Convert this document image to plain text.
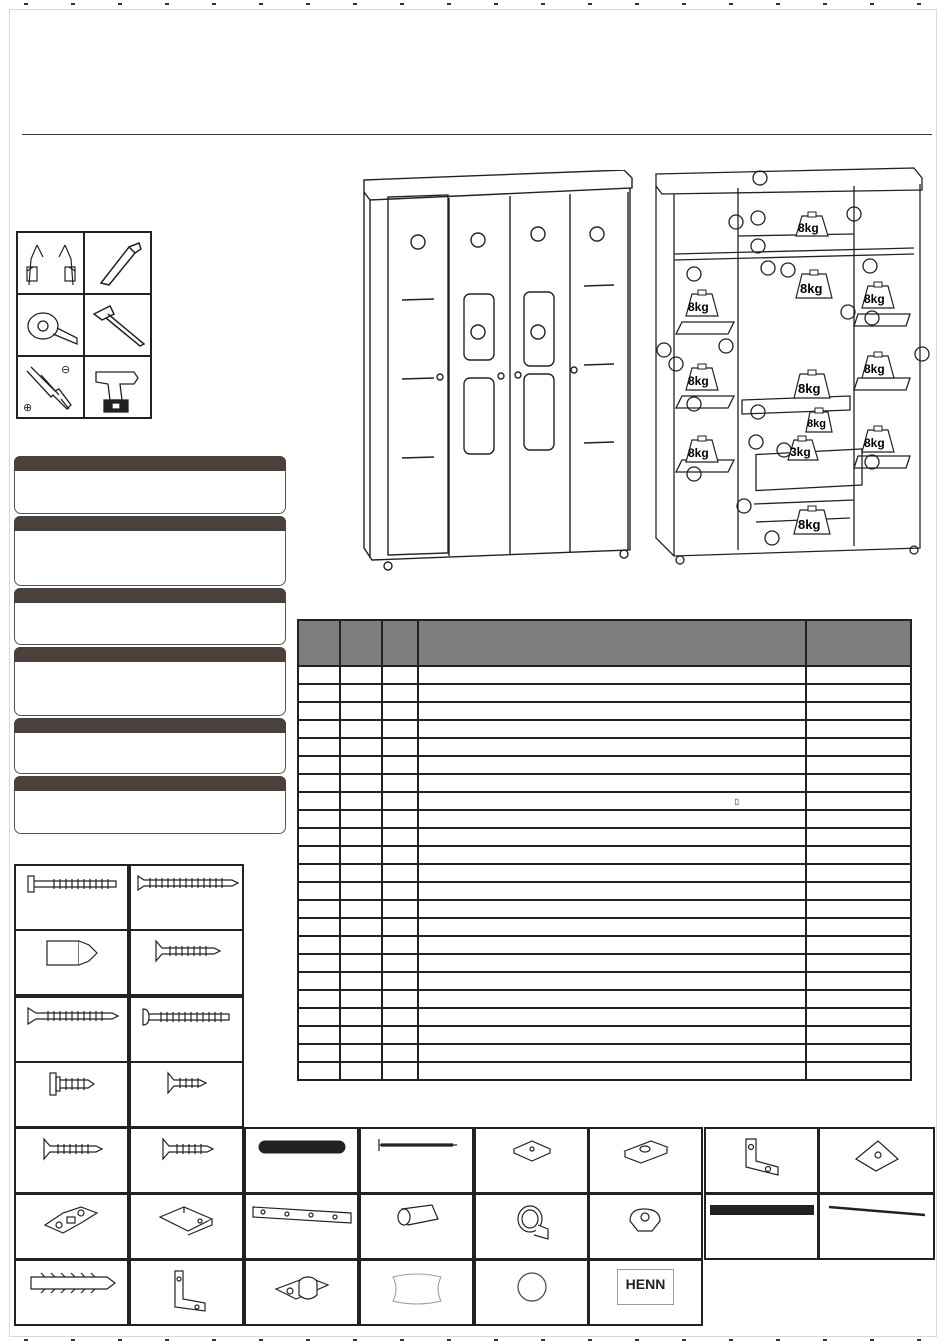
⊖
⊕
8kg
8kg
8kg
8kg
8kg
8kg
8kg
8kg
8kg
8kg
8kg
3kg

			▯	

HENN
